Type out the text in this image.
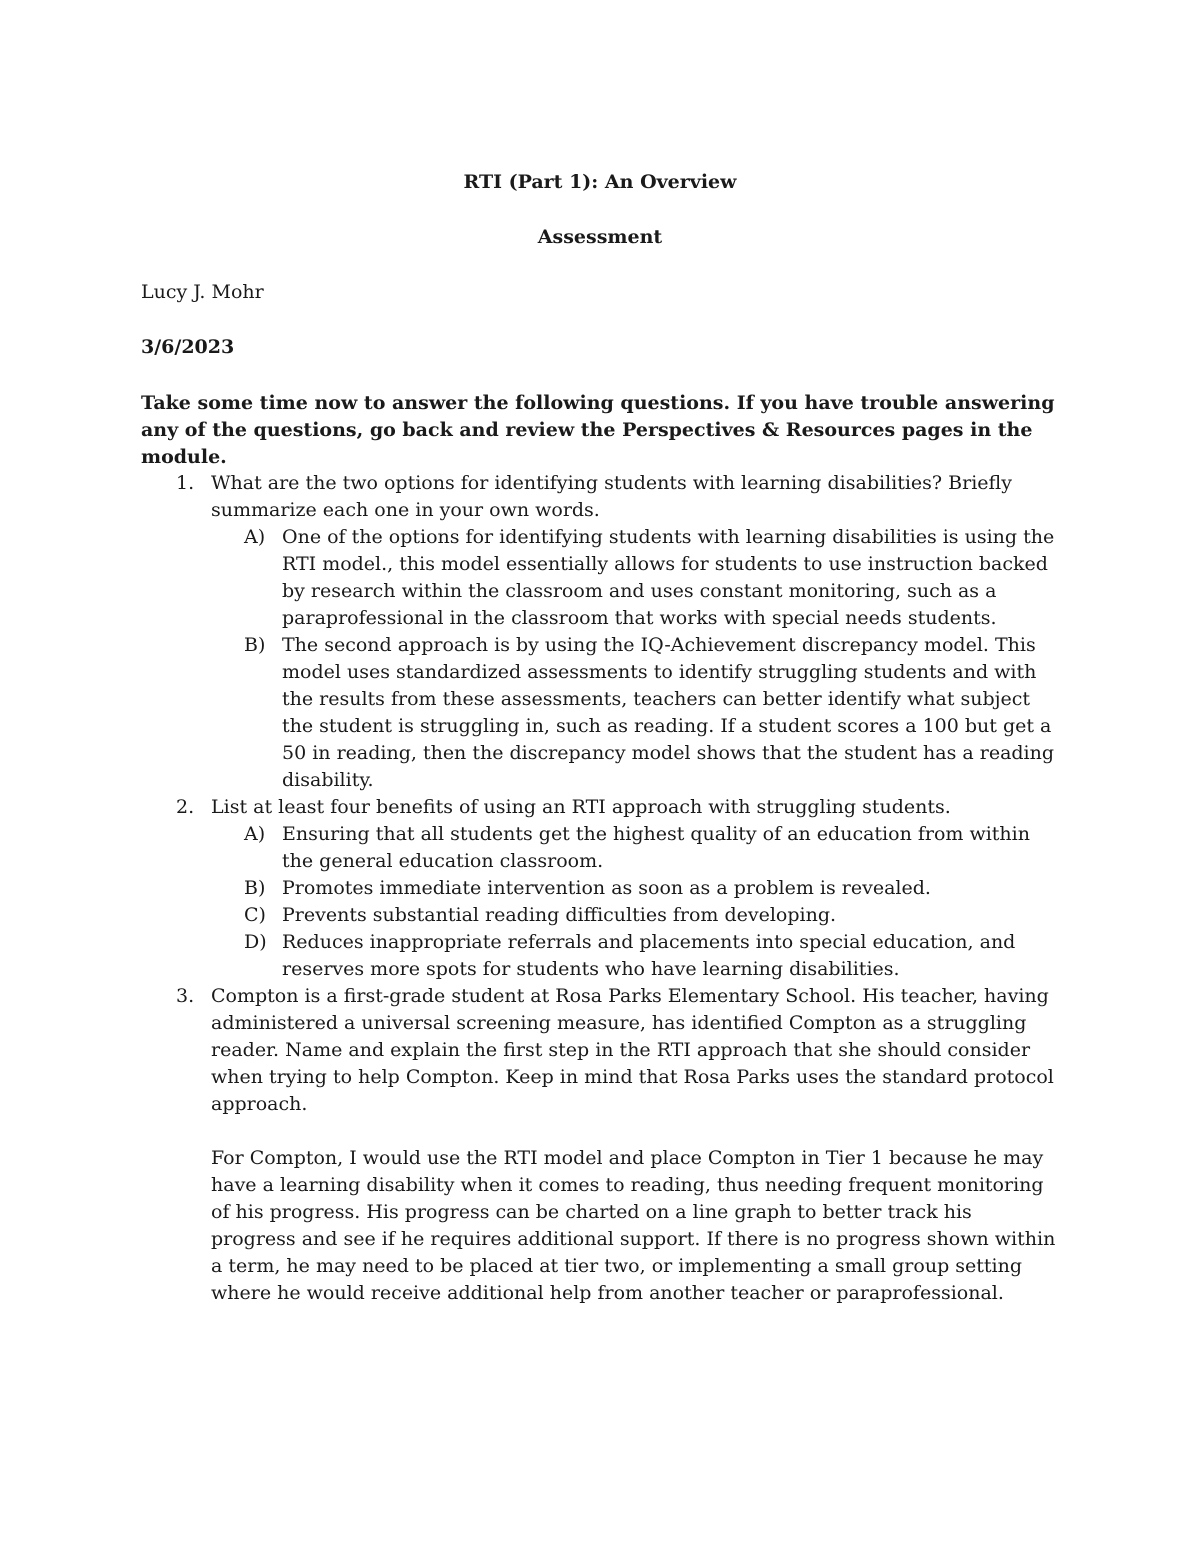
RTI (Part 1): An Overview
Assessment
Lucy J. Mohr
3/6/2023
Take some time now to answer the following questions. If you have trouble answering any of the questions, go back and review the Perspectives & Resources pages in the module.
1. What are the two options for identifying students with learning disabilities? Briefly summarize each one in your own words.
A) One of the options for identifying students with learning disabilities is using the RTI model., this model essentially allows for students to use instruction backed by research within the classroom and uses constant monitoring, such as a paraprofessional in the classroom that works with special needs students.
B) The second approach is by using the IQ-Achievement discrepancy model. This model uses standardized assessments to identify struggling students and with the results from these assessments, teachers can better identify what subject the student is struggling in, such as reading. If a student scores a 100 but get a 50 in reading, then the discrepancy model shows that the student has a reading disability.
2. List at least four benefits of using an RTI approach with struggling students.
A) Ensuring that all students get the highest quality of an education from within the general education classroom.
B) Promotes immediate intervention as soon as a problem is revealed.
C) Prevents substantial reading difficulties from developing.
D) Reduces inappropriate referrals and placements into special education, and reserves more spots for students who have learning disabilities.
3. Compton is a first-grade student at Rosa Parks Elementary School. His teacher, having administered a universal screening measure, has identified Compton as a struggling reader. Name and explain the first step in the RTI approach that she should consider when trying to help Compton. Keep in mind that Rosa Parks uses the standard protocol approach.
For Compton, I would use the RTI model and place Compton in Tier 1 because he may have a learning disability when it comes to reading, thus needing frequent monitoring of his progress. His progress can be charted on a line graph to better track his progress and see if he requires additional support. If there is no progress shown within a term, he may need to be placed at tier two, or implementing a small group setting where he would receive additional help from another teacher or paraprofessional.
